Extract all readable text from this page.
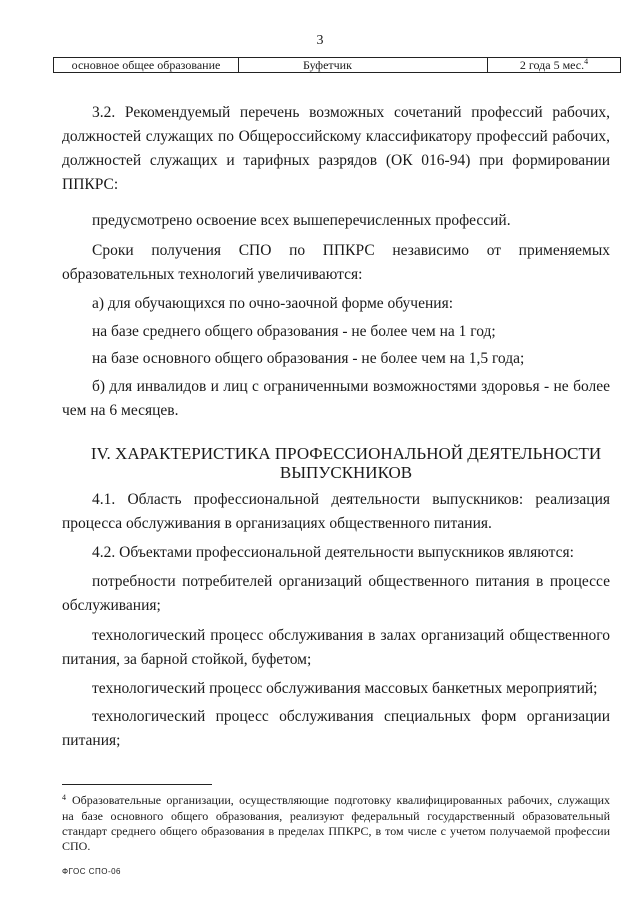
3
основное общее образование	Буфетчик	2 года 5 мес.$^4$

3.2. Рекомендуемый перечень возможных сочетаний профессий рабочих, должностей служащих по Общероссийскому классификатору профессий рабочих, должностей служащих и тарифных разрядов (ОК 016-94) при формировании ППКРС:

предусмотрено освоение всех вышеперечисленных профессий.

Сроки получения СПО по ППКРС независимо от применяемых образовательных технологий увеличиваются:

а) для обучающихся по очно-заочной форме обучения:

на базе среднего общего образования - не более чем на 1 год;

на базе основного общего образования - не более чем на 1,5 года;

б) для инвалидов и лиц с ограниченными возможностями здоровья - не более чем на 6 месяцев.

IV. ХАРАКТЕРИСТИКА ПРОФЕССИОНАЛЬНОЙ ДЕЯТЕЛЬНОСТИ ВЫПУСКНИКОВ

4.1. Область профессиональной деятельности выпускников: реализация процесса обслуживания в организациях общественного питания.

4.2. Объектами профессиональной деятельности выпускников являются:

потребности потребителей организаций общественного питания в процессе обслуживания;

технологический процесс обслуживания в залах организаций общественного питания, за барной стойкой, буфетом;

технологический процесс обслуживания массовых банкетных мероприятий;

технологический процесс обслуживания специальных форм организации питания;

$^4$ Образовательные организации, осуществляющие подготовку квалифицированных рабочих, служащих на базе основного общего образования, реализуют федеральный государственный образовательный стандарт среднего общего образования в пределах ППКРС, в том числе с учетом получаемой профессии СПО.

ФГОС СПО-06
